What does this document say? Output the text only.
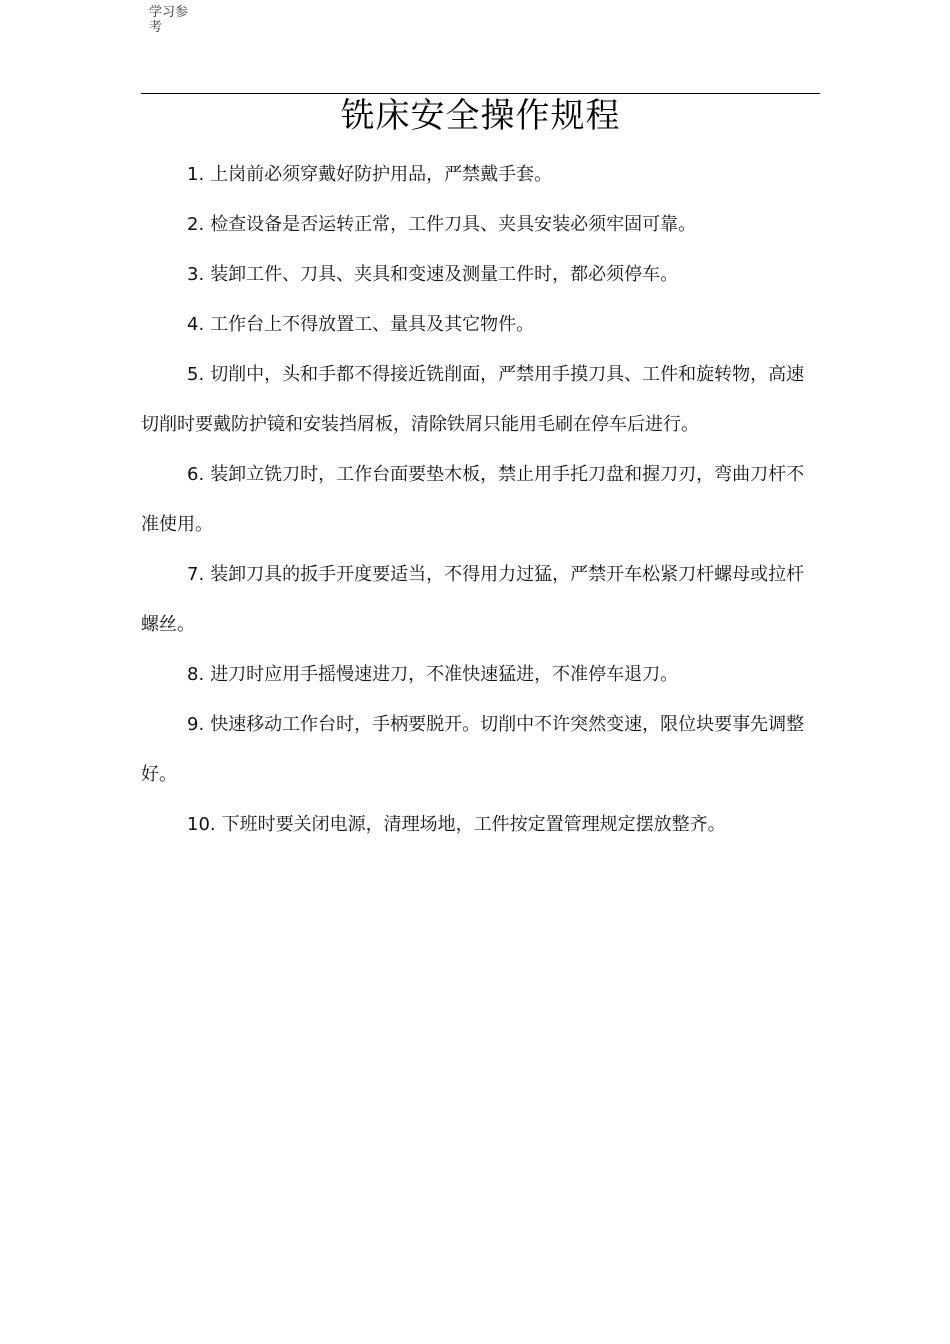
学习参考
铣床安全操作规程

1. 上岗前必须穿戴好防护用品，严禁戴手套。

2. 检查设备是否运转正常，工件刀具、夹具安装必须牢固可靠。

3. 装卸工件、刀具、夹具和变速及测量工件时，都必须停车。

4. 工作台上不得放置工、量具及其它物件。

5. 切削中，头和手都不得接近铣削面，严禁用手摸刀具、工件和旋转物，高速切削时要戴防护镜和安装挡屑板，清除铁屑只能用毛刷在停车后进行。

6. 装卸立铣刀时，工作台面要垫木板，禁止用手托刀盘和握刀刃，弯曲刀杆不准使用。

7. 装卸刀具的扳手开度要适当，不得用力过猛，严禁开车松紧刀杆螺母或拉杆螺丝。

8. 进刀时应用手摇慢速进刀，不准快速猛进，不准停车退刀。

9. 快速移动工作台时，手柄要脱开。切削中不许突然变速，限位块要事先调整好。

10. 下班时要关闭电源，清理场地，工件按定置管理规定摆放整齐。
